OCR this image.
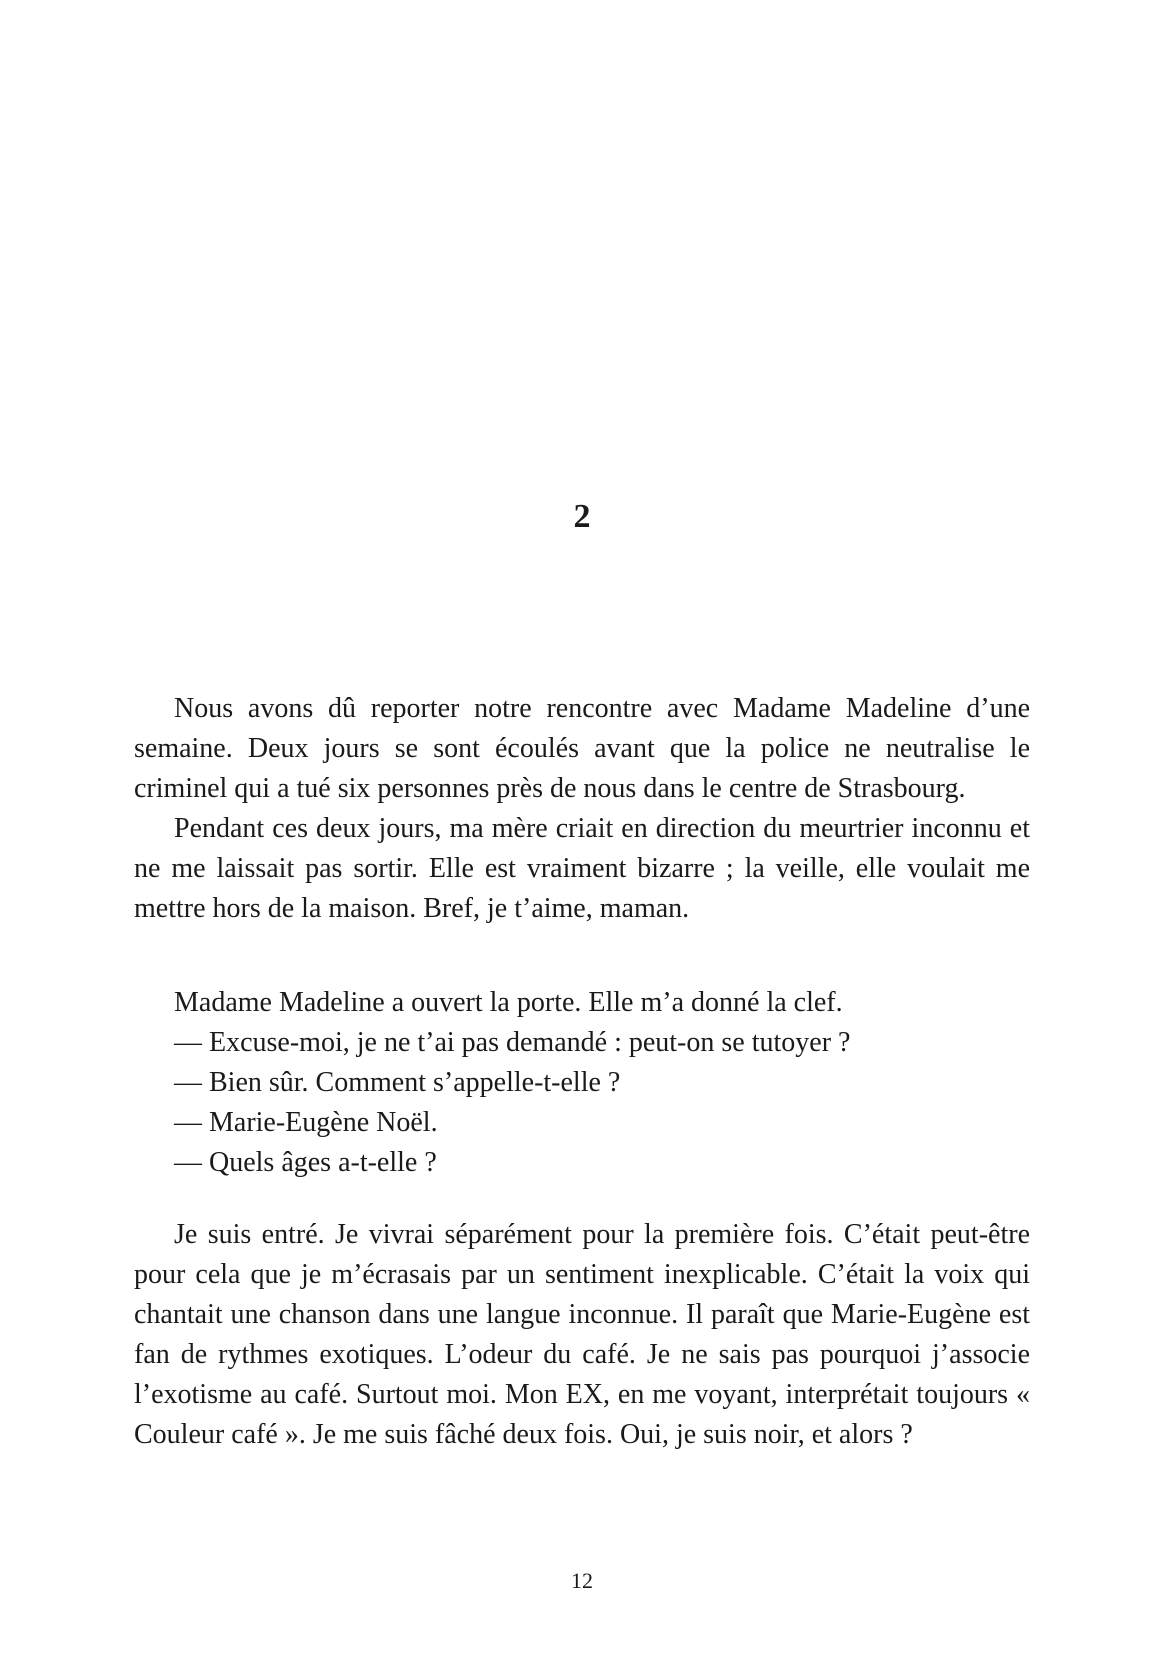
2

Nous avons dû reporter notre rencontre avec Madame Madeline d’une semaine. Deux jours se sont écoulés avant que la police ne neutralise le criminel qui a tué six personnes près de nous dans le centre de Strasbourg.

Pendant ces deux jours, ma mère criait en direction du meurtrier inconnu et ne me laissait pas sortir. Elle est vraiment bizarre ; la veille, elle voulait me mettre hors de la maison. Bref, je t’aime, maman.

Madame Madeline a ouvert la porte. Elle m’a donné la clef.
— Excuse-moi, je ne t’ai pas demandé : peut-on se tutoyer ?
— Bien sûr. Comment s’appelle-t-elle ?
— Marie-Eugène Noël.
— Quels âges a-t-elle ?

Je suis entré. Je vivrai séparément pour la première fois. C’était peut-être pour cela que je m’écrasais par un sentiment inexplicable. C’était la voix qui chantait une chanson dans une langue inconnue. Il paraît que Marie-Eugène est fan de rythmes exotiques. L’odeur du café. Je ne sais pas pourquoi j’associe l’exotisme au café. Surtout moi. Mon EX, en me voyant, interprétait toujours « Couleur café ». Je me suis fâché deux fois. Oui, je suis noir, et alors ?

12
